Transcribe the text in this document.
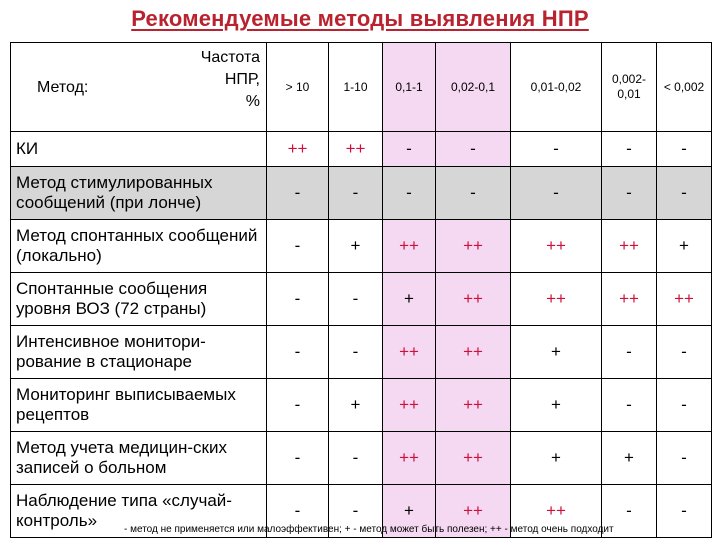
Рекомендуемые методы выявления НПР
Метод:
Частота
НПР,
%	> 10	1-10	0,1-1	0,02-0,1	0,01-0,02	0,002-0,01	< 0,002
КИ	++	++	-	-	-	-	-
Метод стимулированных сообщений (при лонче)	-	-	-	-	-	-	-
Метод спонтанных сообщений (локально)	-	+	++	++	++	++	+
Спонтанные сообщения уровня ВОЗ (72 страны)	-	-	+	++	++	++	++
Интенсивное монитори-рование в стационаре	-	-	++	++	+	-	-
Мониторинг выписываемых рецептов	-	+	++	++	+	-	-
Метод учета медицин-ских записей о больном	-	-	++	++	+	+	-
Наблюдение типа «случай-контроль»	-	-	+	++	++	-	-
- метод не применяется или малоэффективен; + - метод может быть полезен; ++ - метод очень подходит
